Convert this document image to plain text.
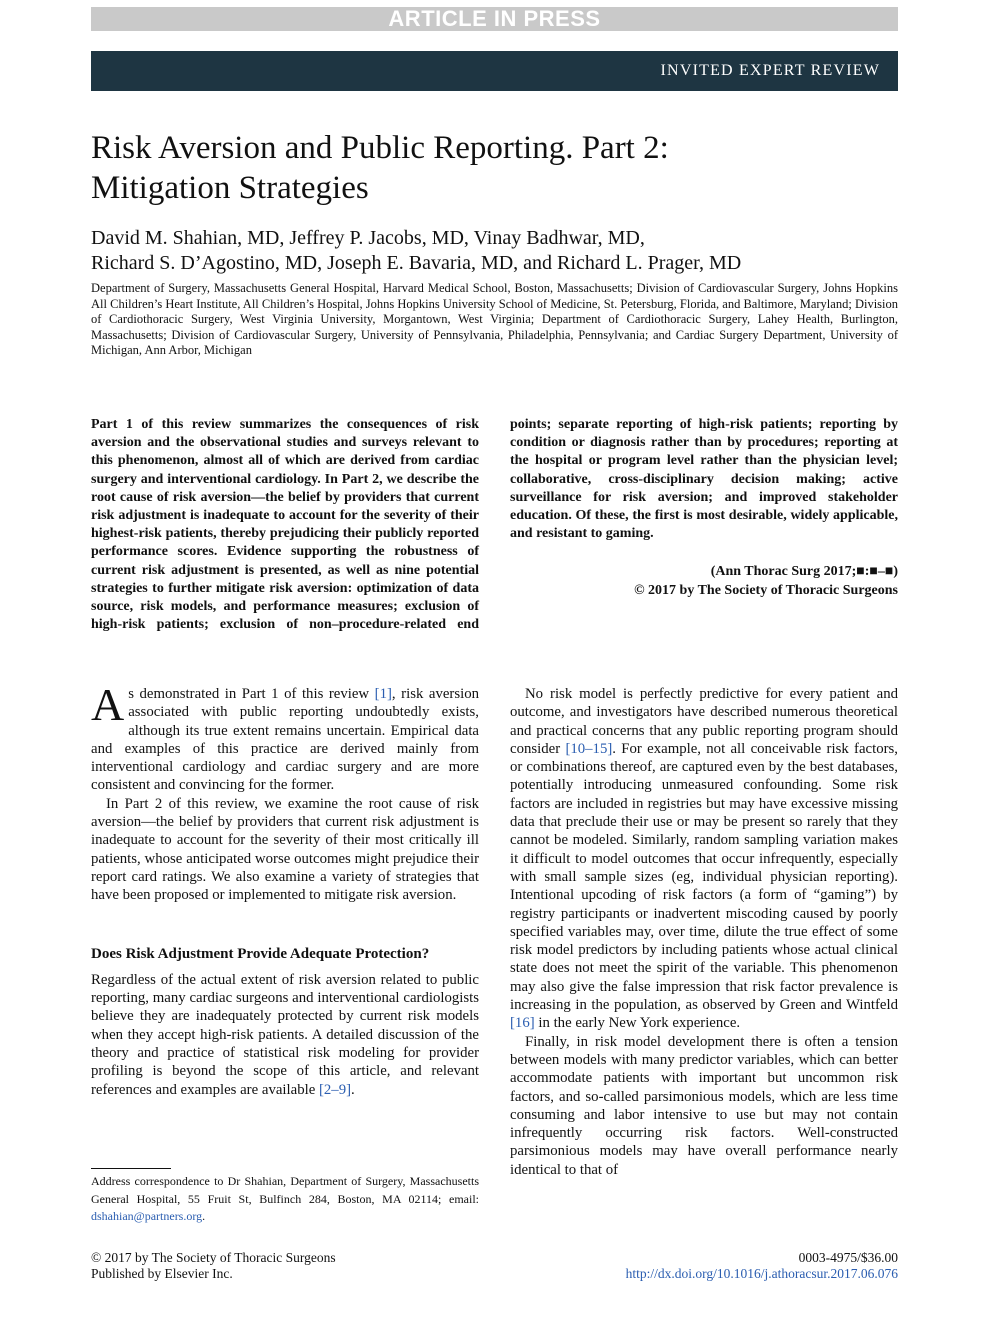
ARTICLE IN PRESS
INVITED EXPERT REVIEW
Risk Aversion and Public Reporting. Part 2:
Mitigation Strategies

David M. Shahian, MD, Jeffrey P. Jacobs, MD, Vinay Badhwar, MD,
Richard S. D’Agostino, MD, Joseph E. Bavaria, MD, and Richard L. Prager, MD

Department of Surgery, Massachusetts General Hospital, Harvard Medical School, Boston, Massachusetts; Division of Cardiovascular Surgery, Johns Hopkins All Children’s Heart Institute, All Children’s Hospital, Johns Hopkins University School of Medicine, St. Petersburg, Florida, and Baltimore, Maryland; Division of Cardiothoracic Surgery, West Virginia University, Morgantown, West Virginia; Department of Cardiothoracic Surgery, Lahey Health, Burlington, Massachusetts; Division of Cardiovascular Surgery, University of Pennsylvania, Philadelphia, Pennsylvania; and Cardiac Surgery Department, University of Michigan, Ann Arbor, Michigan

Part 1 of this review summarizes the consequences of risk aversion and the observational studies and surveys relevant to this phenomenon, almost all of which are derived from cardiac surgery and interventional cardiology. In Part 2, we describe the root cause of risk aversion—the belief by providers that current risk adjustment is inadequate to account for the severity of their highest-risk patients, thereby prejudicing their publicly reported performance scores. Evidence supporting the robustness of current risk adjustment is presented, as well as nine potential strategies to further mitigate risk aversion: optimization of data source, risk models, and performance measures; exclusion of high-risk patients; exclusion of non–procedure-related end points; separate reporting of high-risk patients; reporting by condition or diagnosis rather than by procedures; reporting at the hospital or program level rather than the physician level; collaborative, cross-disciplinary decision making; active surveillance for risk aversion; and improved stakeholder education. Of these, the first is most desirable, widely applicable, and resistant to gaming.

(Ann Thorac Surg 2017;■:■–■)
© 2017 by The Society of Thoracic Surgeons

As demonstrated in Part 1 of this review [1], risk aversion associated with public reporting undoubtedly exists, although its true extent remains uncertain. Empirical data and examples of this practice are derived mainly from interventional cardiology and cardiac surgery and are more consistent and convincing for the former.

In Part 2 of this review, we examine the root cause of risk aversion—the belief by providers that current risk adjustment is inadequate to account for the severity of their most critically ill patients, whose anticipated worse outcomes might prejudice their report card ratings. We also examine a variety of strategies that have been proposed or implemented to mitigate risk aversion.

Does Risk Adjustment Provide Adequate Protection?

Regardless of the actual extent of risk aversion related to public reporting, many cardiac surgeons and interventional cardiologists believe they are inadequately protected by current risk models when they accept high-risk patients. A detailed discussion of the theory and practice of statistical risk modeling for provider profiling is beyond the scope of this article, and relevant references and examples are available [2–9].

No risk model is perfectly predictive for every patient and outcome, and investigators have described numerous theoretical and practical concerns that any public reporting program should consider [10–15]. For example, not all conceivable risk factors, or combinations thereof, are captured even by the best databases, potentially introducing unmeasured confounding. Some risk factors are included in registries but may have excessive missing data that preclude their use or may be present so rarely that they cannot be modeled. Similarly, random sampling variation makes it difficult to model outcomes that occur infrequently, especially with small sample sizes (eg, individual physician reporting). Intentional upcoding of risk factors (a form of “gaming”) by registry participants or inadvertent miscoding caused by poorly specified variables may, over time, dilute the true effect of some risk model predictors by including patients whose actual clinical state does not meet the spirit of the variable. This phenomenon may also give the false impression that risk factor prevalence is increasing in the population, as observed by Green and Wintfeld [16] in the early New York experience.

Finally, in risk model development there is often a tension between models with many predictor variables, which can better accommodate patients with important but uncommon risk factors, and so-called parsimonious models, which are less time consuming and labor intensive to use but may not contain infrequently occurring risk factors. Well-constructed parsimonious models may have overall performance nearly identical to that of

Address correspondence to Dr Shahian, Department of Surgery, Massachusetts General Hospital, 55 Fruit St, Bulfinch 284, Boston, MA 02114; email: dshahian@partners.org.

© 2017 by The Society of Thoracic Surgeons
Published by Elsevier Inc.
0003-4975/$36.00
http://dx.doi.org/10.1016/j.athoracsur.2017.06.076
